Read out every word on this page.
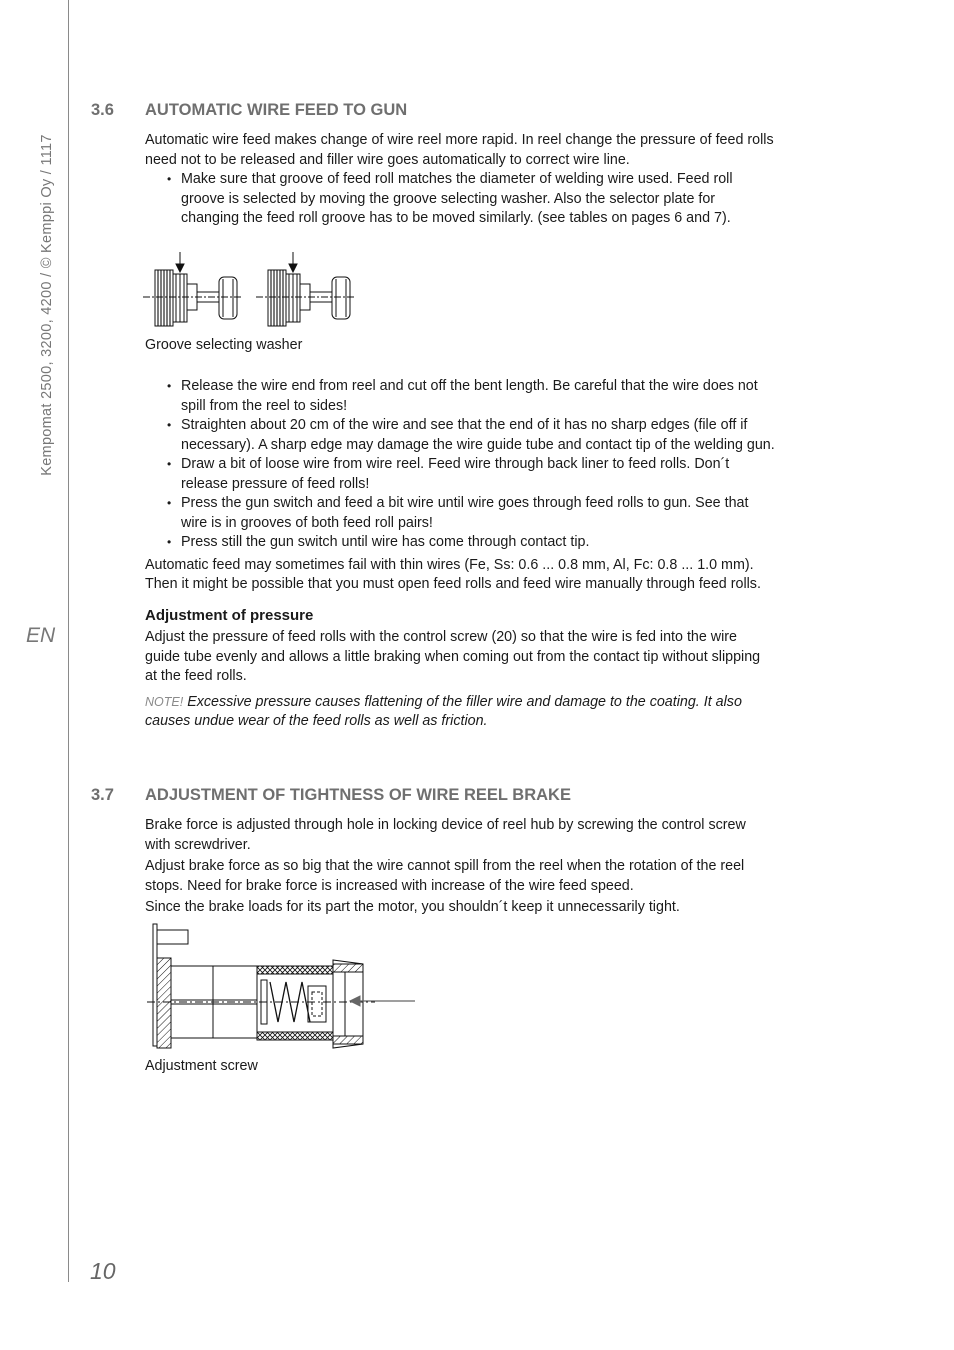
Kempomat 2500, 3200, 4200 / © Kemppi Oy / 1117
EN
10
3.6 AUTOMATIC WIRE FEED TO GUN

Automatic wire feed makes change of wire reel more rapid. In reel change the pressure of feed rolls need not to be released and filler wire goes automatically to correct wire line.

• Make sure that groove of feed roll matches the diameter of welding wire used. Feed roll groove is selected by moving the groove selecting washer. Also the selector plate for changing the feed roll groove has to be moved similarly. (see tables on pages 6 and 7).
Groove selecting washer
• Release the wire end from reel and cut off the bent length. Be careful that the wire does not spill from the reel to sides!
• Straighten about 20 cm of the wire and see that the end of it has no sharp edges (file off if necessary). A sharp edge may damage the wire guide tube and contact tip of the welding gun.
• Draw a bit of loose wire from wire reel. Feed wire through back liner to feed rolls. Don´t release pressure of feed rolls!
• Press the gun switch and feed a bit wire until wire goes through feed rolls to gun. See that wire is in grooves of both feed roll pairs!
• Press still the gun switch until wire has come through contact tip.

Automatic feed may sometimes fail with thin wires (Fe, Ss: 0.6 ... 0.8 mm, Al, Fc: 0.8 ... 1.0 mm). Then it might be possible that you must open feed rolls and feed wire manually through feed rolls.

Adjustment of pressure

Adjust the pressure of feed rolls with the control screw (20) so that the wire is fed into the wire guide tube evenly and allows a little braking when coming out from the contact tip without slipping at the feed rolls.

NOTE! Excessive pressure causes flattening of the filler wire and damage to the coating. It also causes undue wear of the feed rolls as well as friction.

3.7 ADJUSTMENT OF TIGHTNESS OF WIRE REEL BRAKE

Brake force is adjusted through hole in locking device of reel hub by screwing the control screw with screwdriver.

Adjust brake force as so big that the wire cannot spill from the reel when the rotation of the reel stops. Need for brake force is increased with increase of the wire feed speed.

Since the brake loads for its part the motor, you shouldn´t keep it unnecessarily tight.

Adjustment screw
